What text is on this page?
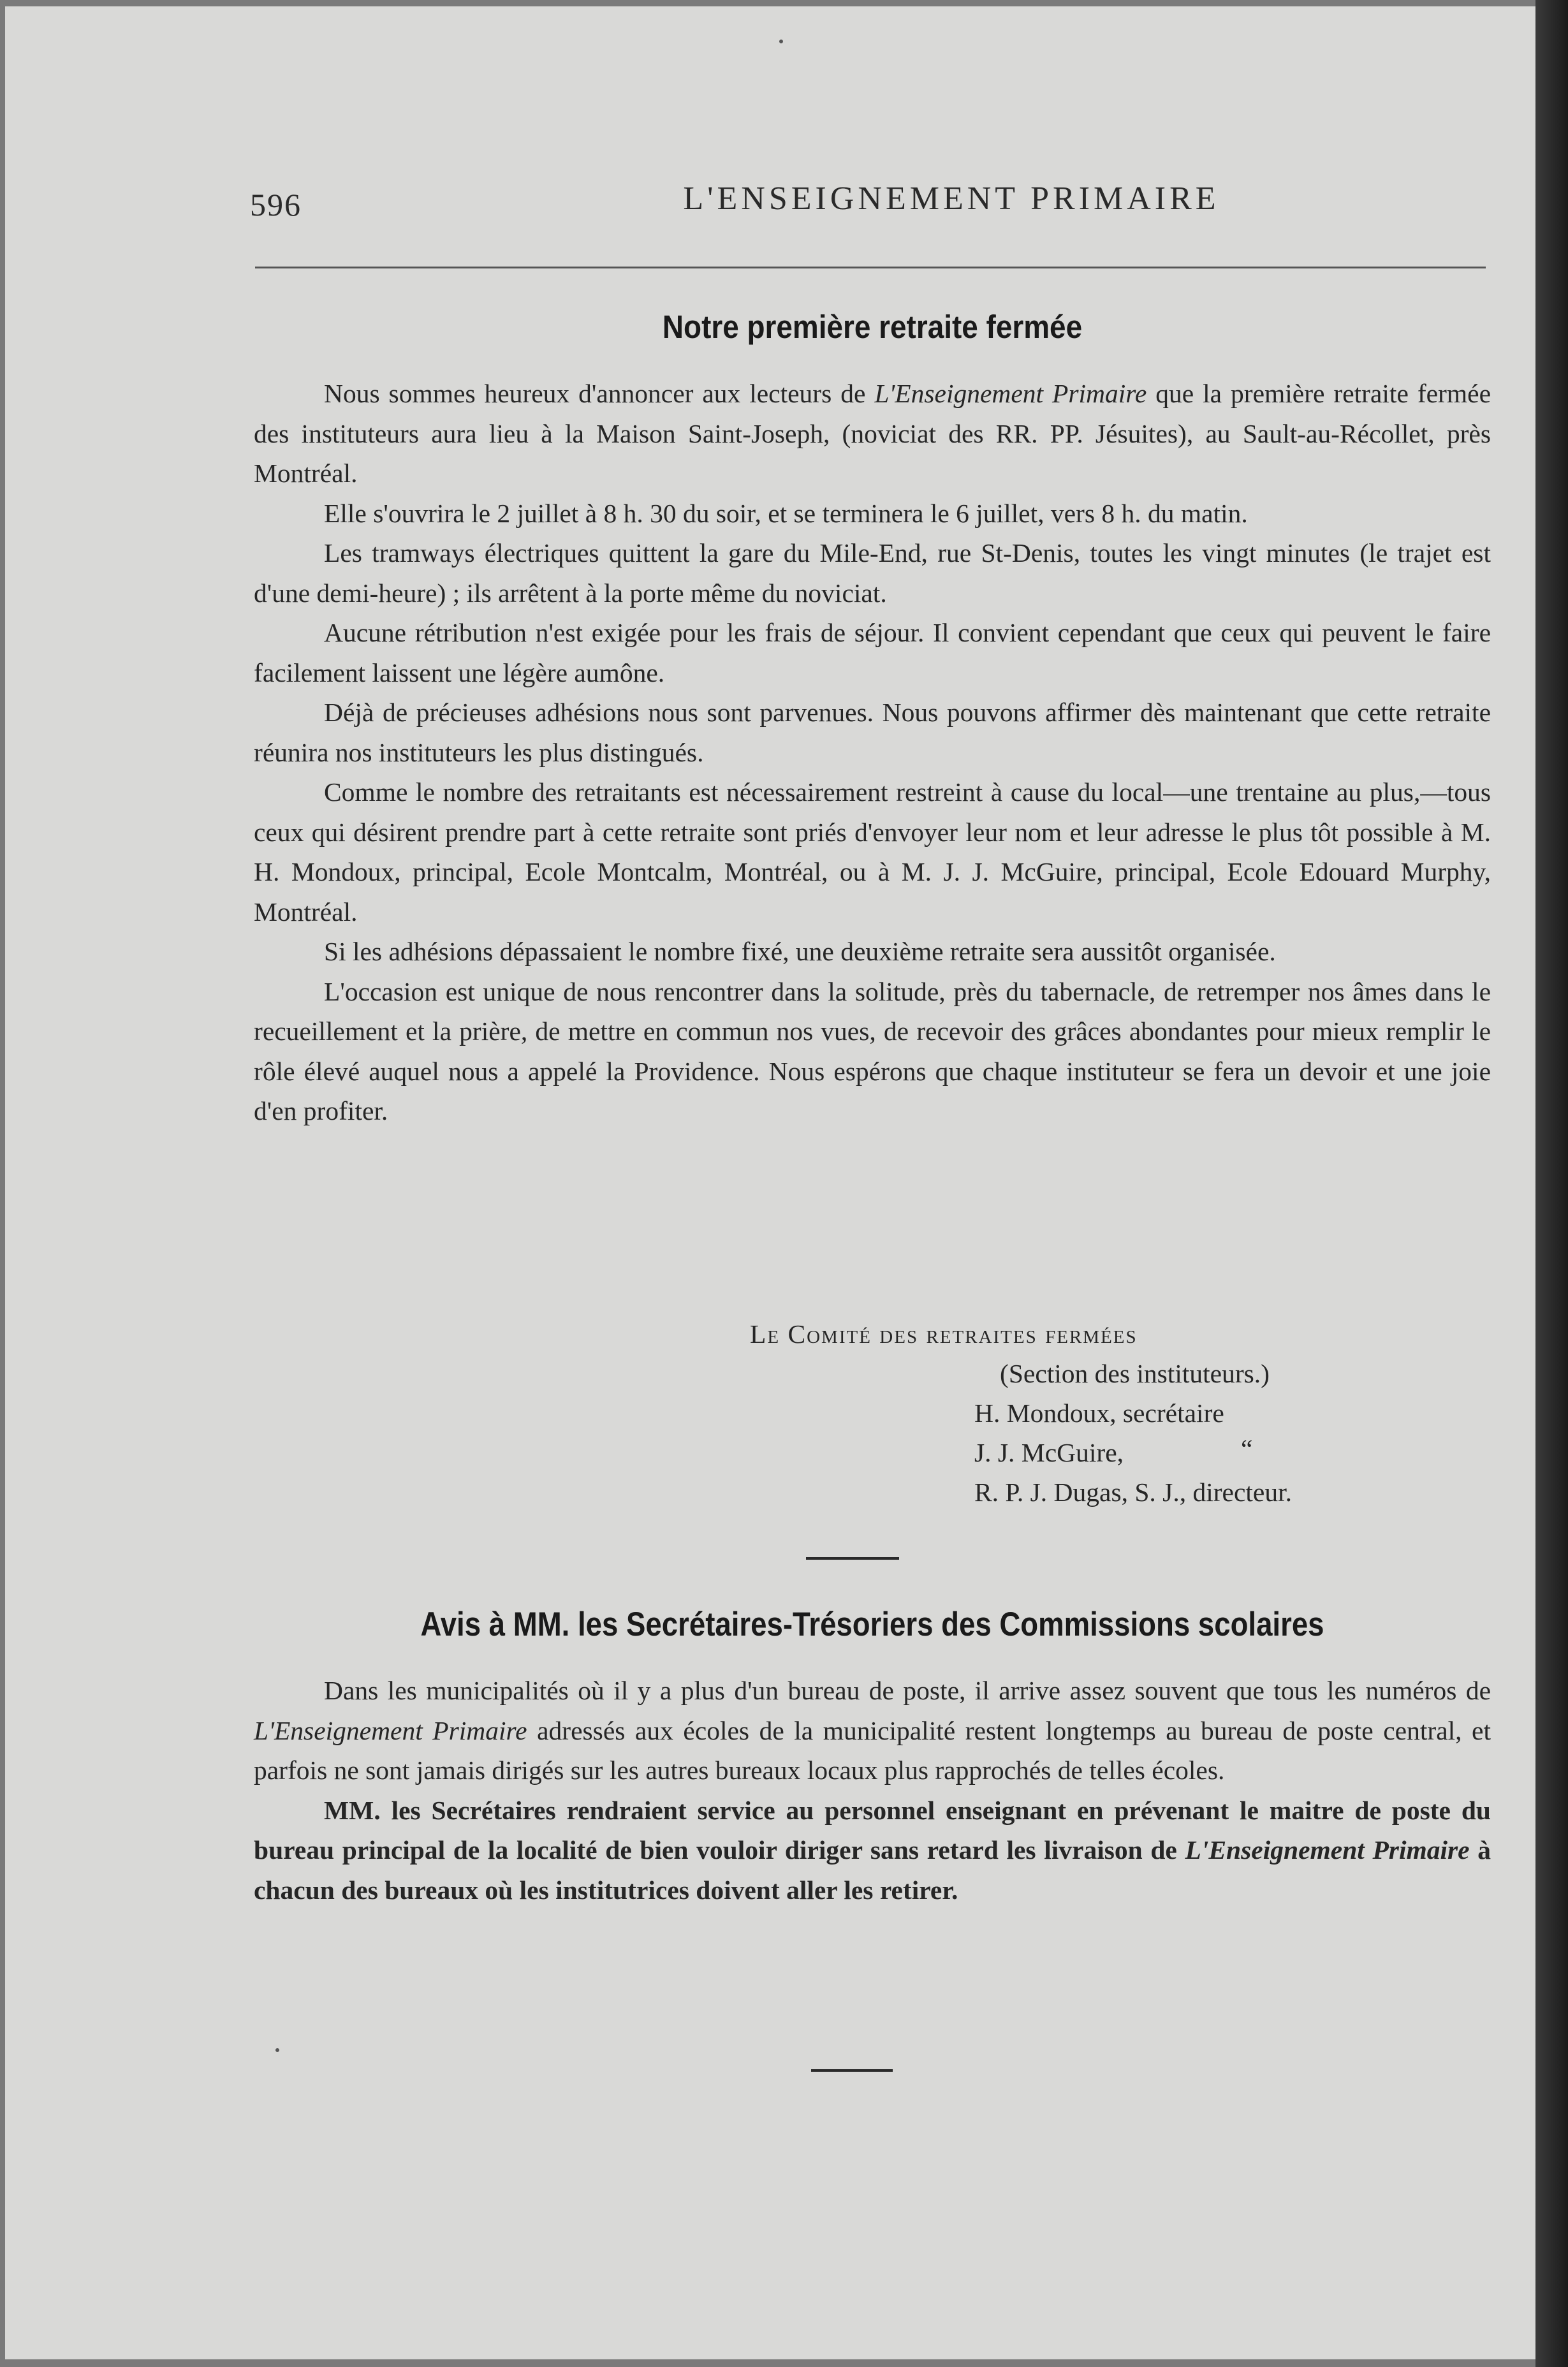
596	L'ENSEIGNEMENT PRIMAIRE
Notre première retraite fermée

Nous sommes heureux d'annoncer aux lecteurs de L'Enseignement Primaire que la première retraite fermée des instituteurs aura lieu à la Maison Saint-Joseph, (noviciat des RR. PP. Jésuites), au Sault-au-Récollet, près Montréal.

Elle s'ouvrira le 2 juillet à 8 h. 30 du soir, et se terminera le 6 juillet, vers 8 h. du matin.

Les tramways électriques quittent la gare du Mile-End, rue St-Denis, toutes les vingt minutes (le trajet est d'une demi-heure) ; ils arrêtent à la porte même du noviciat.

Aucune rétribution n'est exigée pour les frais de séjour. Il convient cependant que ceux qui peuvent le faire facilement laissent une légère aumône.

Déjà de précieuses adhésions nous sont parvenues. Nous pouvons affirmer dès maintenant que cette retraite réunira nos instituteurs les plus distingués.

Comme le nombre des retraitants est nécessairement restreint à cause du local—une trentaine au plus,—tous ceux qui désirent prendre part à cette retraite sont priés d'envoyer leur nom et leur adresse le plus tôt possible à M. H. Mondoux, principal, Ecole Montcalm, Montréal, ou à M. J. J. McGuire, principal, Ecole Edouard Murphy, Montréal.

Si les adhésions dépassaient le nombre fixé, une deuxième retraite sera aussitôt organisée.

L'occasion est unique de nous rencontrer dans la solitude, près du tabernacle, de retremper nos âmes dans le recueillement et la prière, de mettre en commun nos vues, de recevoir des grâces abondantes pour mieux remplir le rôle élevé auquel nous a appelé la Providence. Nous espérons que chaque instituteur se fera un devoir et une joie d'en profiter.

Le Comité des retraites fermées
(Section des instituteurs.)
H. Mondoux, secrétaire
J. J. McGuire,	“
R. P. J. Dugas, S. J., directeur.
Avis à MM. les Secrétaires-Trésoriers des Commissions scolaires

Dans les municipalités où il y a plus d'un bureau de poste, il arrive assez souvent que tous les numéros de L'Enseignement Primaire adressés aux écoles de la municipalité restent longtemps au bureau de poste central, et parfois ne sont jamais dirigés sur les autres bureaux locaux plus rapprochés de telles écoles.

MM. les Secrétaires rendraient service au personnel enseignant en prévenant le maitre de poste du bureau principal de la localité de bien vouloir diriger sans retard les livraison de L'Enseignement Primaire à chacun des bureaux où les institutrices doivent aller les retirer.
